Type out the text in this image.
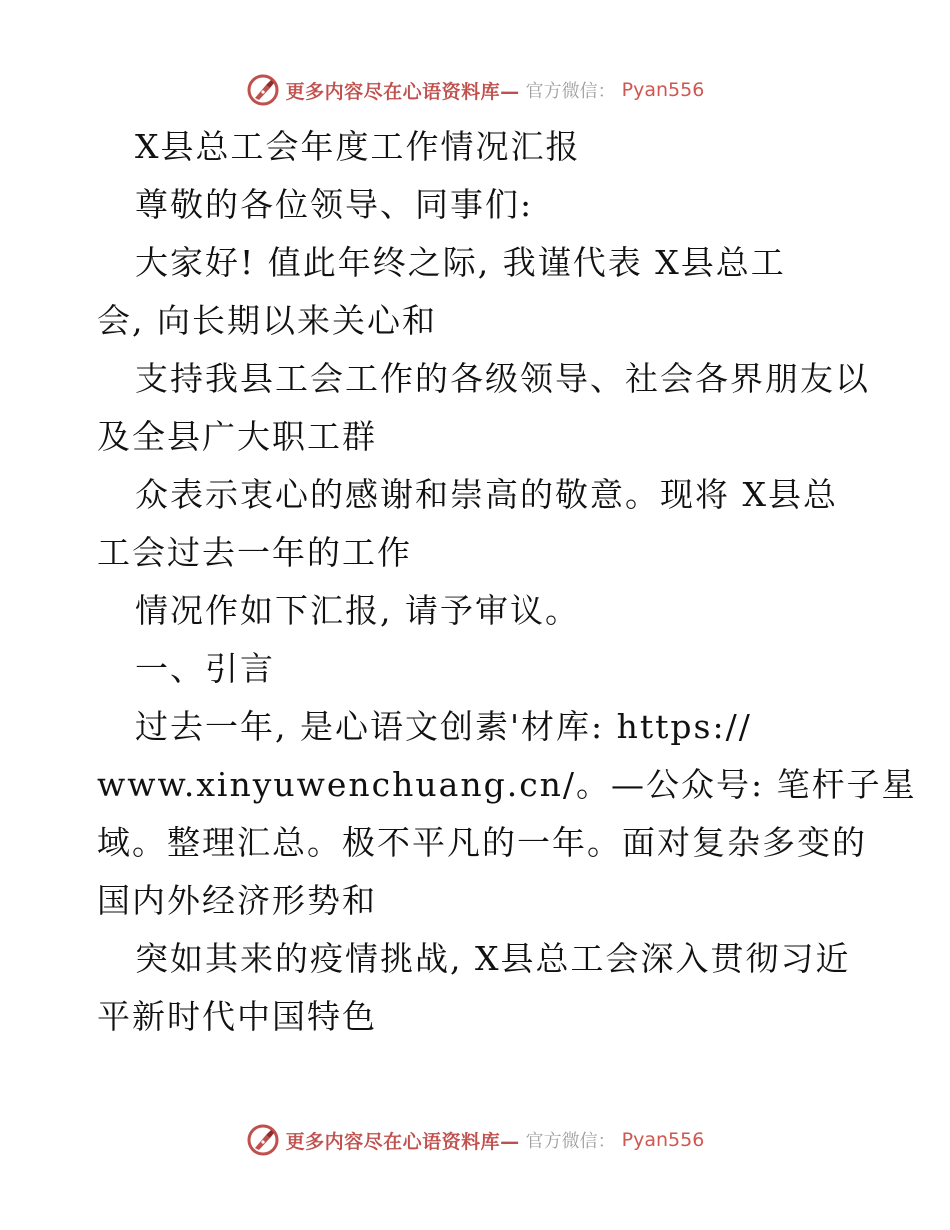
更多内容尽在心语资料库— 官方微信： Pyan556
X县总工会年度工作情况汇报
尊敬的各位领导、同事们:
大家好! 值此年终之际, 我谨代表 X县总工
会, 向长期以来关心和
支持我县工会工作的各级领导、社会各界朋友以
及全县广大职工群
众表示衷心的感谢和崇高的敬意。现将 X县总
工会过去一年的工作
情况作如下汇报, 请予审议。
一、引言
过去一年, 是心语文创素'材库: https://
www.xinyuwenchuang.cn/。—公众号: 笔杆子星
域。整理汇总。极不平凡的一年。面对复杂多变的
国内外经济形势和
突如其来的疫情挑战, X县总工会深入贯彻习近
平新时代中国特色
更多内容尽在心语资料库— 官方微信： Pyan556
